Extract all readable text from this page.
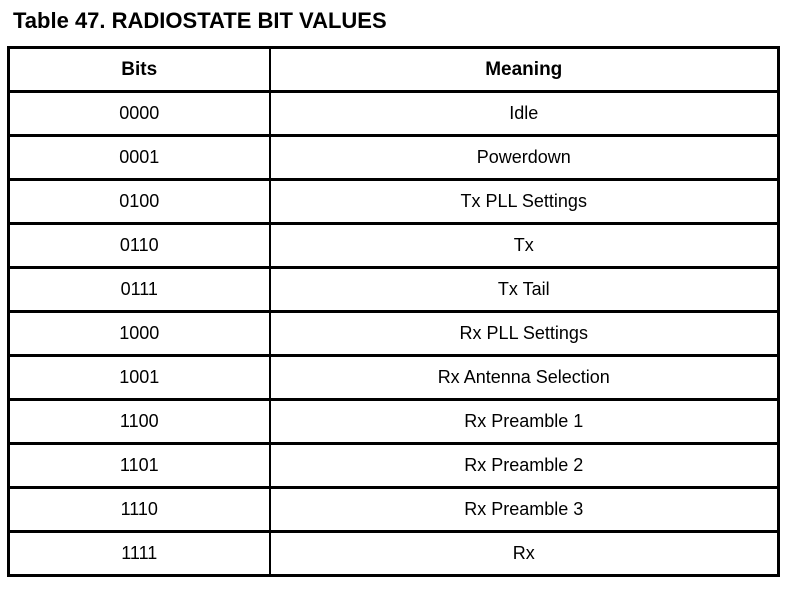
Table 47. RADIOSTATE BIT VALUES
Bits	Meaning
0000	Idle
0001	Powerdown
0100	Tx PLL Settings
0110	Tx
0111	Tx Tail
1000	Rx PLL Settings
1001	Rx Antenna Selection
1100	Rx Preamble 1
1101	Rx Preamble 2
1110	Rx Preamble 3
1111	Rx
